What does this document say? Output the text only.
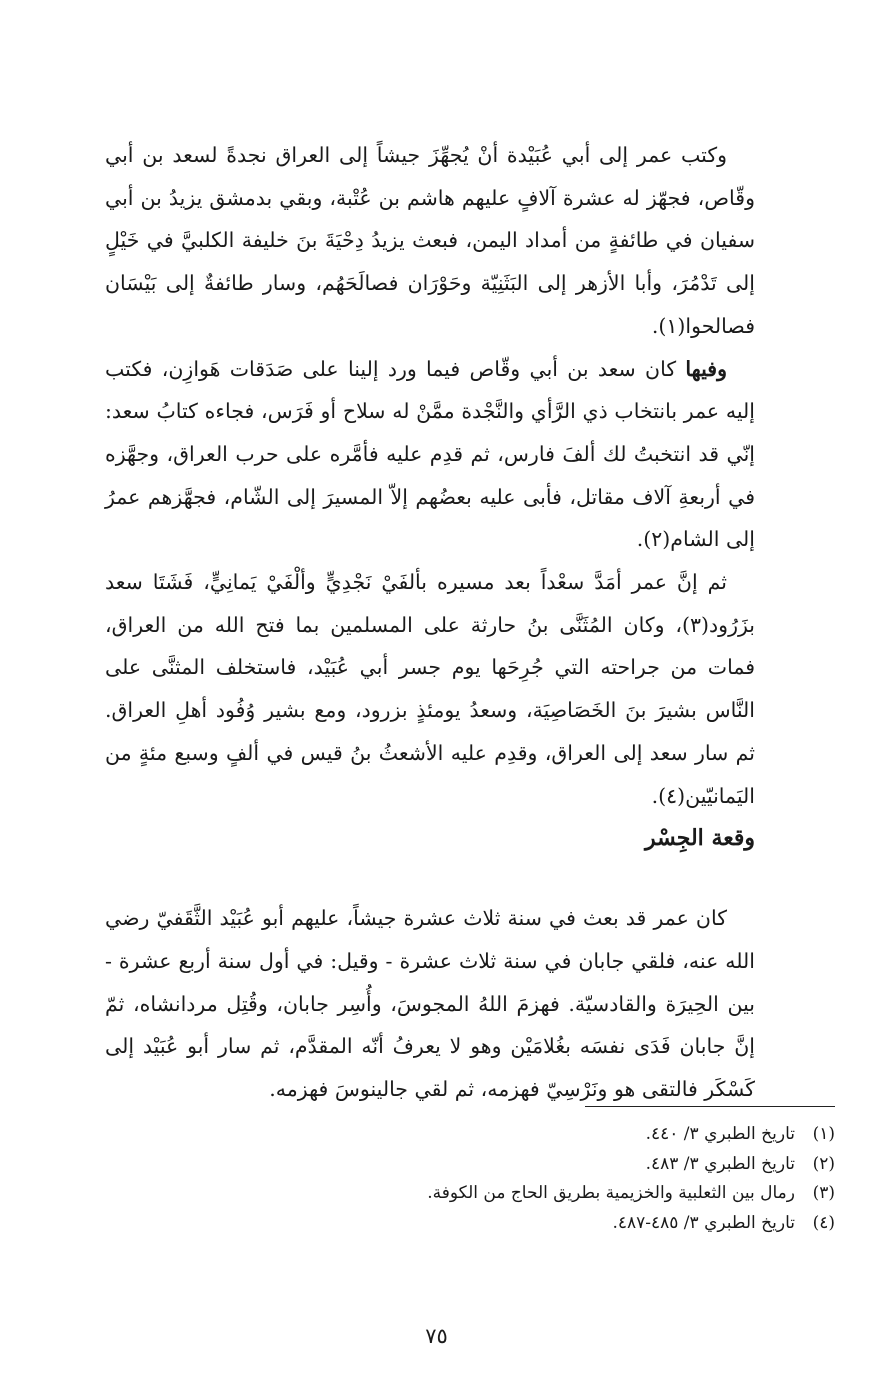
وكتب عمر إلى أبي عُبَيْدة أنْ يُجهِّزَ جيشاً إلى العراق نجدةً لسعد بن أبي وقّاص، فجهّز له عشرة آلافٍ عليهم هاشم بن عُتْبة، وبقي بدمشق يزيدُ بن أبي سفيان في طائفةٍ من أمداد اليمن، فبعث يزيدُ دِحْيَةَ بنَ خليفة الكلبيَّ في خَيْلٍ إلى تَدْمُرَ، وأبا الأزهر إلى البَثَنِيّة وحَوْرَان فصالَحَهُم، وسار طائفةٌ إلى بَيْسَان فصالحوا(١).

وفيها كان سعد بن أبي وقّاص فيما ورد إلينا على صَدَقات هَوازِن، فكتب إليه عمر بانتخاب ذي الرَّأي والنَّجْدة ممَّنْ له سلاح أو فَرَس، فجاءه كتابُ سعد: إنّي قد انتخبتُ لك ألفَ فارس، ثم قدِم عليه فأمَّره على حرب العراق، وجهَّزه في أربعةِ آلاف مقاتل، فأبى عليه بعضُهم إلاّ المسيرَ إلى الشّام، فجهَّزهم عمرُ إلى الشام(٢).

ثم إنَّ عمر أمَدَّ سعْداً بعد مسيره بألفَيْ نَجْدِيٍّ وألْفَيْ يَمانِيٍّ، فَشَتَا سعد بزَرُود(٣)، وكان المُثَنَّى بنُ حارثة على المسلمين بما فتح الله من العراق، فمات من جراحته التي جُرِحَها يوم جسر أبي عُبَيْد، فاستخلف المثنَّى على النَّاس بشيرَ بنَ الخَصَاصِيَة، وسعدُ يومئذٍ بزرود، ومع بشير وُفُود أهلِ العراق. ثم سار سعد إلى العراق، وقدِم عليه الأشعثُ بنُ قيس في ألفٍ وسبع مئةٍ من اليَمانيّين(٤).

وقعة الجِسْر

كان عمر قد بعث في سنة ثلاث عشرة جيشاً، عليهم أبو عُبَيْد الثَّقَفيّ رضي الله عنه، فلقي جابان في سنة ثلاث عشرة - وقيل: في أول سنة أربع عشرة - بين الحِيرَة والقادسيّة. فهزمَ اللهُ المجوسَ، وأُسِر جابان، وقُتِل مردانشاه، ثمّ إنَّ جابان فَدَى نفسَه بغُلامَيْن وهو لا يعرفُ أنّه المقدَّم، ثم سار أبو عُبَيْد إلى كَسْكَر فالتقى هو ونَرْسِيّ فهزمه، ثم لقي جالينوسَ فهزمه.

(١)تاريخ الطبري ٣/ ٤٤٠.

(٢)تاريخ الطبري ٣/ ٤٨٣.

(٣)رمال بين الثعلبية والخزيمية بطريق الحاج من الكوفة.

(٤)تاريخ الطبري ٣/ ٤٨٥-٤٨٧.

٧٥
